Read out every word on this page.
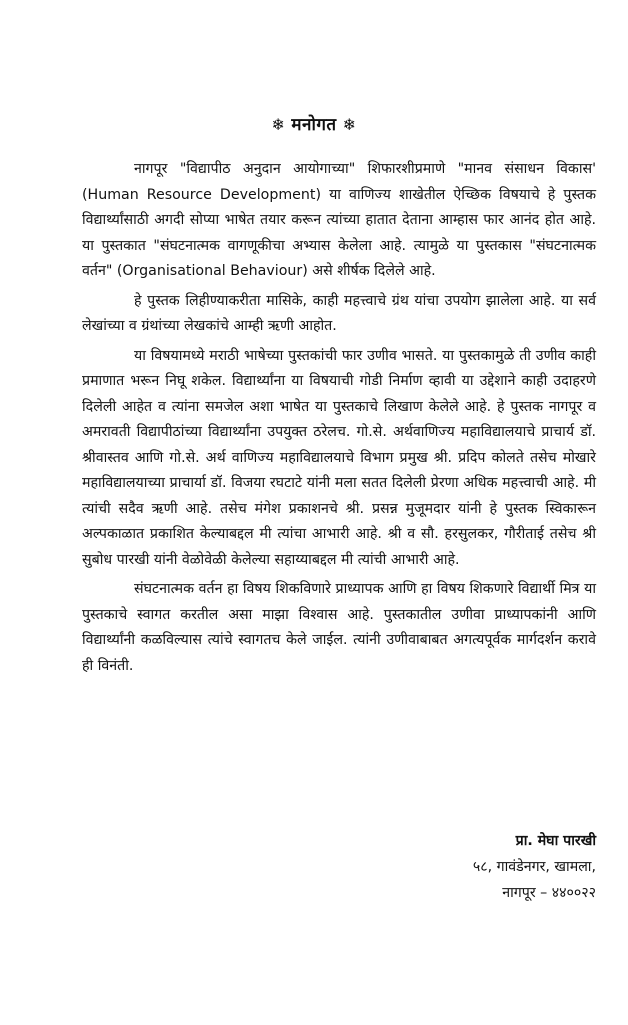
❄ मनोगत ❄

नागपूर "विद्यापीठ अनुदान आयोगाच्या" शिफारशीप्रमाणे "मानव संसाधन विकास' (Human Resource Development) या वाणिज्य शाखेतील ऐच्छिक विषयाचे हे पुस्तक विद्यार्थ्यांसाठी अगदी सोप्या भाषेत तयार करून त्यांच्या हातात देताना आम्हास फार आनंद होत आहे. या पुस्तकात "संघटनात्मक वागणूकीचा अभ्यास केलेला आहे. त्यामुळे या पुस्तकास "संघटनात्मक वर्तन" (Organisational Behaviour) असे शीर्षक दिलेले आहे.

हे पुस्तक लिहीण्याकरीता मासिके, काही महत्त्वाचे ग्रंथ यांचा उपयोग झालेला आहे. या सर्व लेखांच्या व ग्रंथांच्या लेखकांचे आम्ही ऋणी आहोत.

या विषयामध्ये मराठी भाषेच्या पुस्तकांची फार उणीव भासते. या पुस्तकामुळे ती उणीव काही प्रमाणात भरून निघू शकेल. विद्यार्थ्यांना या विषयाची गोडी निर्माण व्हावी या उद्देशाने काही उदाहरणे दिलेली आहेत व त्यांना समजेल अशा भाषेत या पुस्तकाचे लिखाण केलेले आहे. हे पुस्तक नागपूर व अमरावती विद्यापीठांच्या विद्यार्थ्यांना उपयुक्त ठरेलच. गो.से. अर्थवाणिज्य महाविद्यालयाचे प्राचार्य डॉ. श्रीवास्तव आणि गो.से. अर्थ वाणिज्य महाविद्यालयाचे विभाग प्रमुख श्री. प्रदिप कोलते तसेच मोखारे महाविद्यालयाच्या प्राचार्या डॉ. विजया रघटाटे यांनी मला सतत दिलेली प्रेरणा अधिक महत्त्वाची आहे. मी त्यांची सदैव ऋणी आहे. तसेच मंगेश प्रकाशनचे श्री. प्रसन्न मुजूमदार यांनी हे पुस्तक स्विकारून अल्पकाळात प्रकाशित केल्याबद्दल मी त्यांचा आभारी आहे. श्री व सौ. हरसुलकर, गौरीताई तसेच श्री सुबोध पारखी यांनी वेळोवेळी केलेल्या सहाय्याबद्दल मी त्यांची आभारी आहे.

संघटनात्मक वर्तन हा विषय शिकविणारे प्राध्यापक आणि हा विषय शिकणारे विद्यार्थी मित्र या पुस्तकाचे स्वागत करतील असा माझा विश्वास आहे. पुस्तकातील उणीवा प्राध्यापकांनी आणि विद्यार्थ्यांनी कळविल्यास त्यांचे स्वागतच केले जाईल. त्यांनी उणीवाबाबत अगत्यपूर्वक मार्गदर्शन करावे ही विनंती.

प्रा. मेघा पारखी
५८, गावंडेनगर, खामला,
नागपूर – ४४००२२
